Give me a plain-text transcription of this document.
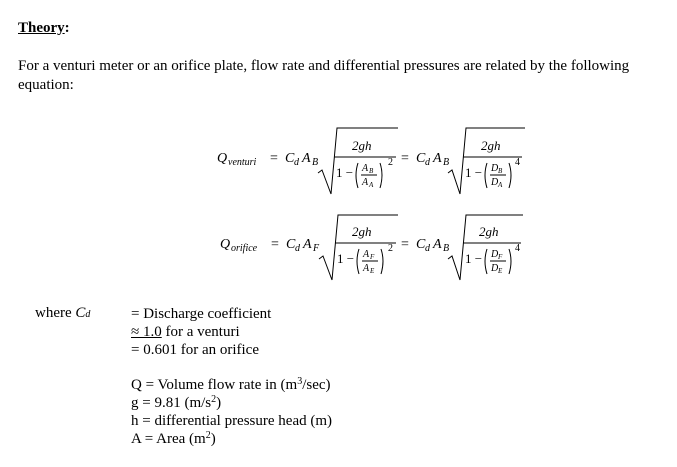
Theory:
For a venturi meter or an orifice plate, flow rate and differential pressures are related by the following equation:
Q venturi = C d A B
2gh
1 − A B
A A
2 = C d A B
2gh
1 − D B
D A
4
Q orifice = C d A F
2gh
1 − A F
A E
2 = C d A B
2gh
1 − D F
D E
4
where Cd	= Discharge coefficient
≈ 1.0 for a venturi
= 0.601 for an orifice
Q = Volume flow rate in $(m^3/\sec)$
g = 9.81 $(m/s^2)$
h = differential pressure head (m)
A = Area $(m^2)$
